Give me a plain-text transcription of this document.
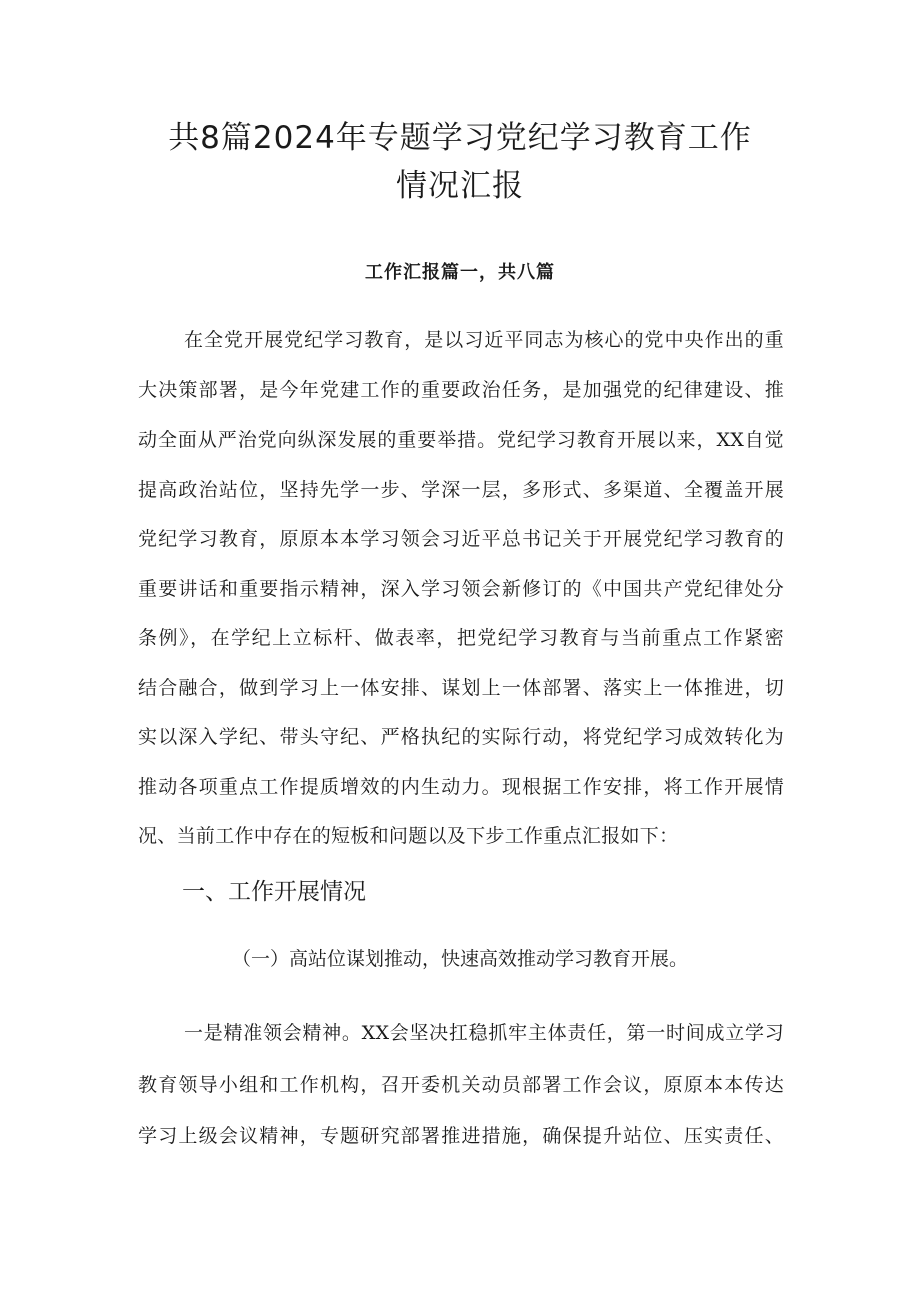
共8篇2024年专题学习党纪学习教育工作
情况汇报
工作汇报篇一，共八篇
在全党开展党纪学习教育，是以习近平同志为核心的党中央作出的重
大决策部署，是今年党建工作的重要政治任务，是加强党的纪律建设、推
动全面从严治党向纵深发展的重要举措。党纪学习教育开展以来，XX自觉
提高政治站位，坚持先学一步、学深一层，多形式、多渠道、全覆盖开展
党纪学习教育，原原本本学习领会习近平总书记关于开展党纪学习教育的
重要讲话和重要指示精神，深入学习领会新修订的《中国共产党纪律处分
条例》，在学纪上立标杆、做表率，把党纪学习教育与当前重点工作紧密
结合融合，做到学习上一体安排、谋划上一体部署、落实上一体推进，切
实以深入学纪、带头守纪、严格执纪的实际行动，将党纪学习成效转化为
推动各项重点工作提质增效的内生动力。现根据工作安排，将工作开展情
况、当前工作中存在的短板和问题以及下步工作重点汇报如下：
一、工作开展情况
（一）高站位谋划推动，快速高效推动学习教育开展。
一是精准领会精神。XX会坚决扛稳抓牢主体责任，第一时间成立学习
教育领导小组和工作机构，召开委机关动员部署工作会议，原原本本传达
学习上级会议精神，专题研究部署推进措施，确保提升站位、压实责任、
